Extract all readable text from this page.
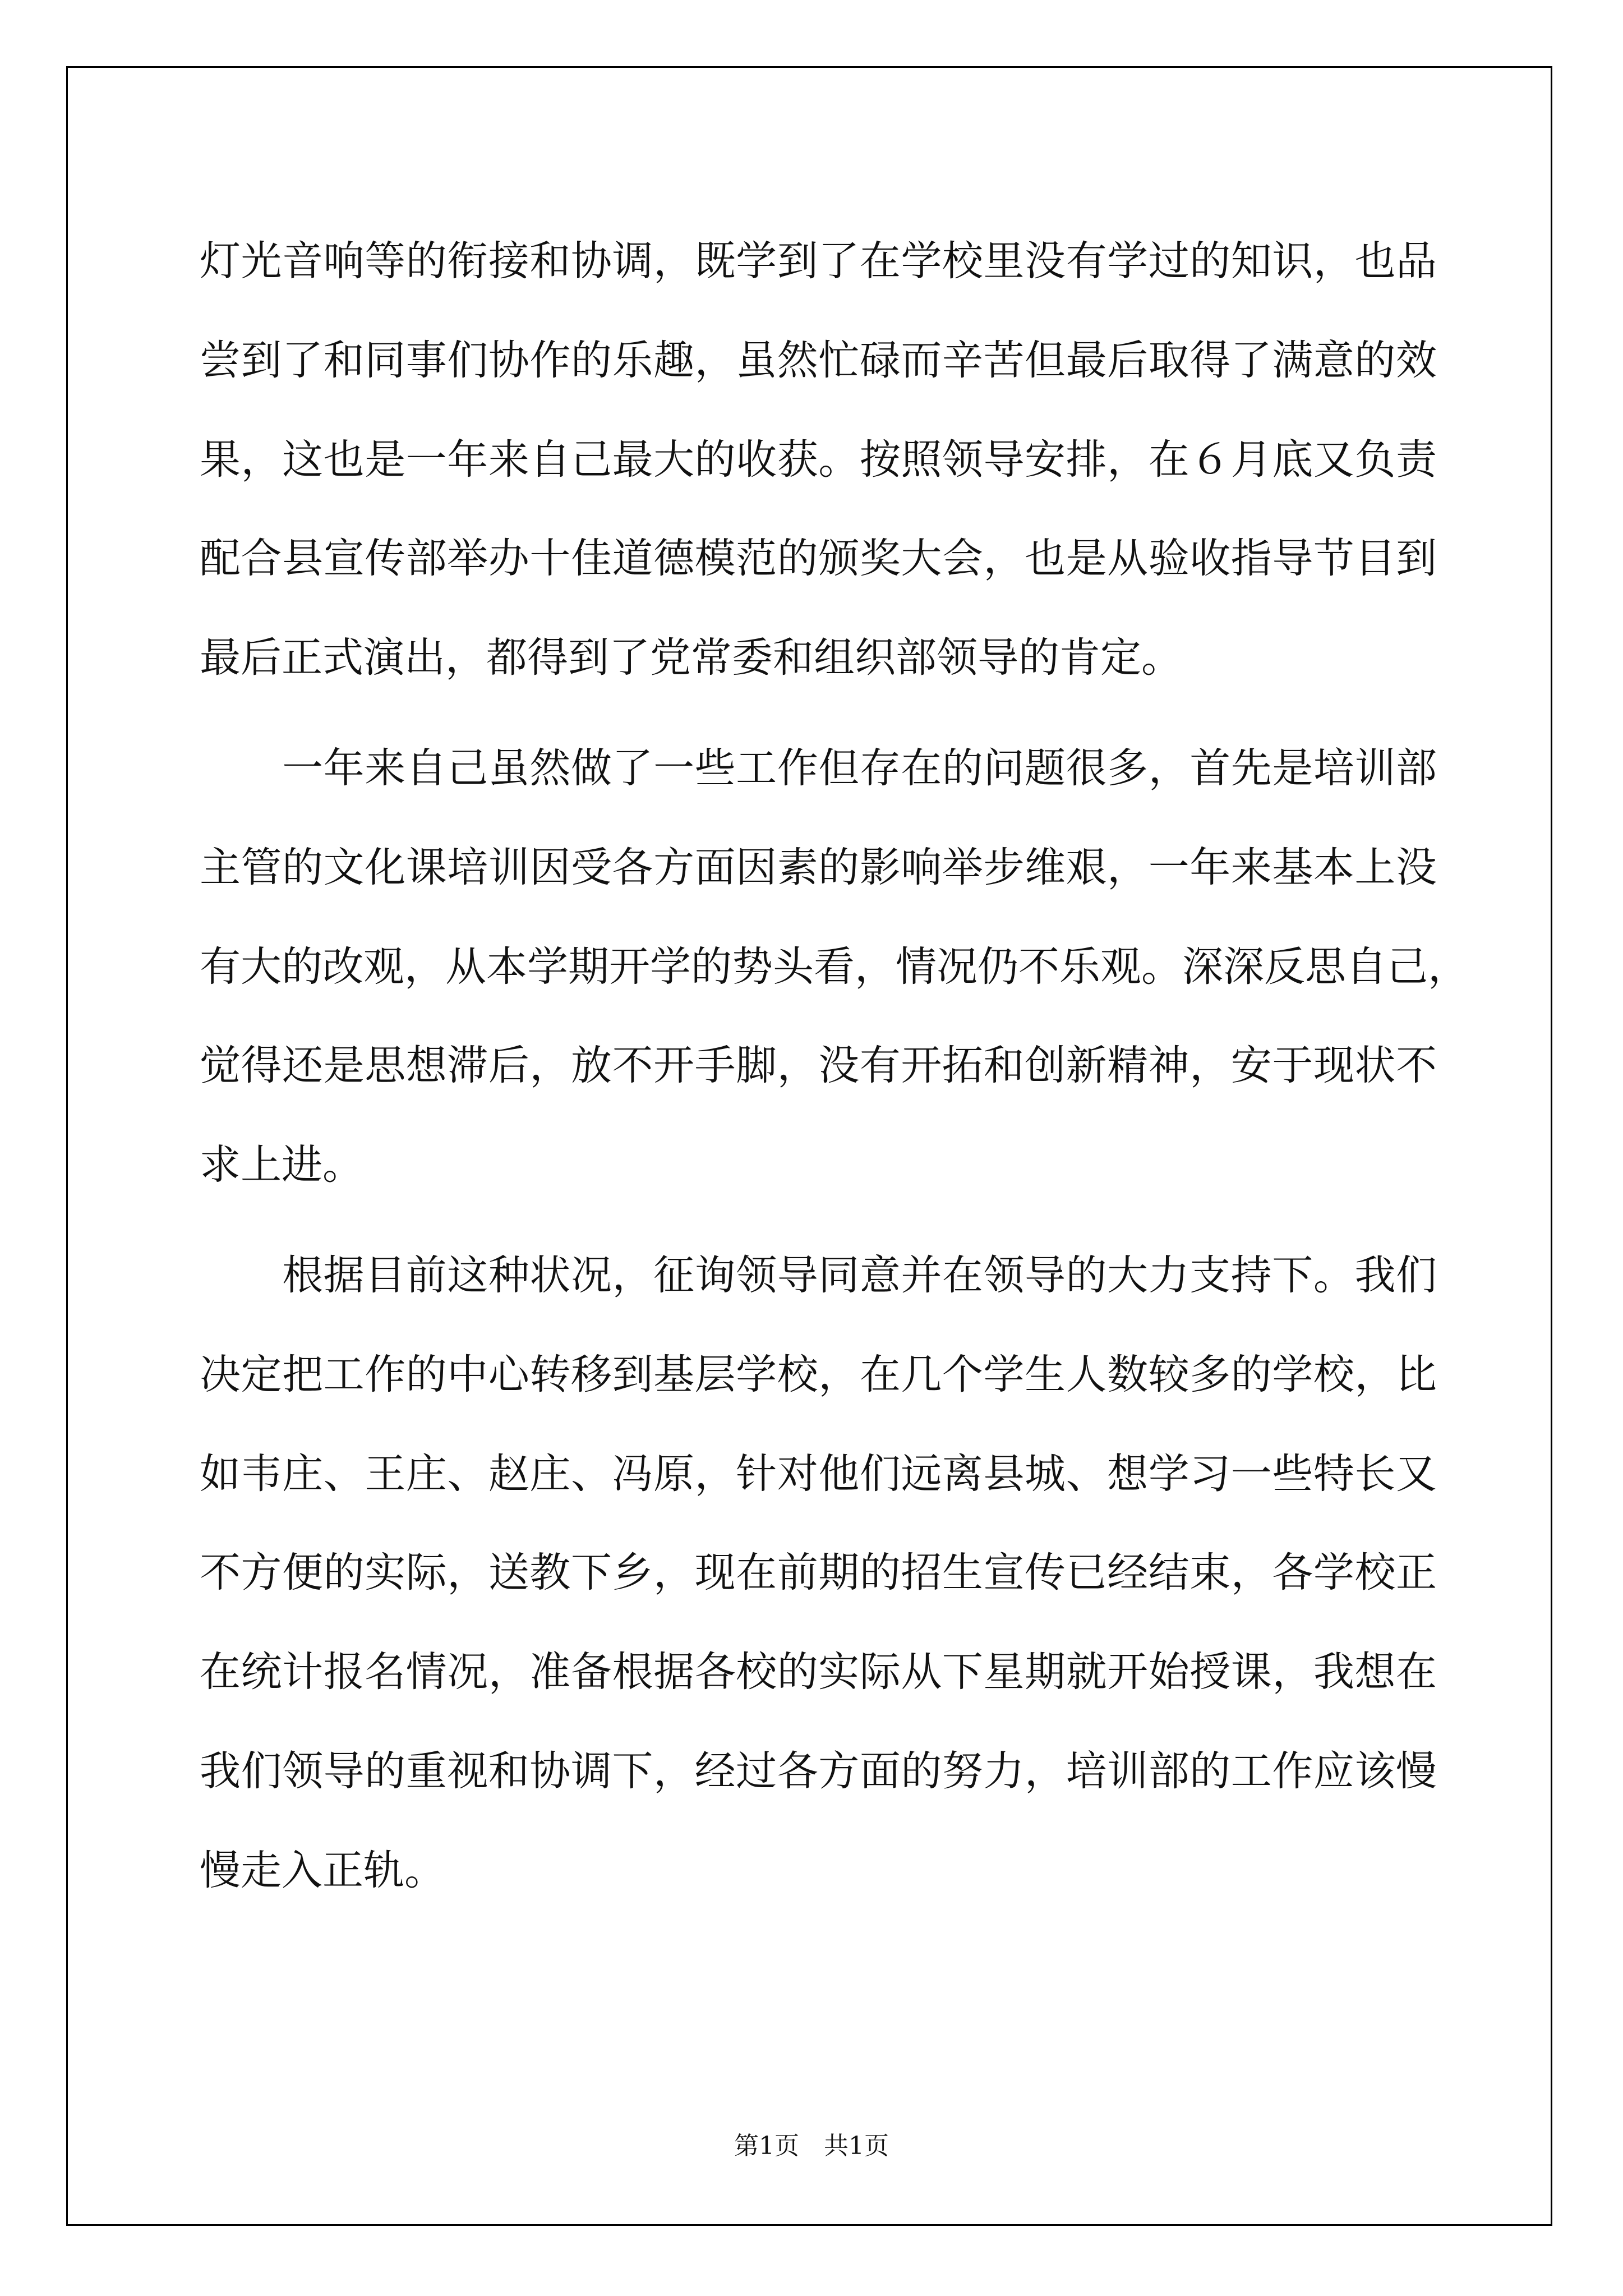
灯光音响等的衔接和协调，既学到了在学校里没有学过的知识，也品
尝到了和同事们协作的乐趣，虽然忙碌而辛苦但最后取得了满意的效
果，这也是一年来自己最大的收获。按照领导安排，在６月底又负责
配合县宣传部举办十佳道德模范的颁奖大会，也是从验收指导节目到
最后正式演出，都得到了党常委和组织部领导的肯定。
　　一年来自己虽然做了一些工作但存在的问题很多，首先是培训部
主管的文化课培训因受各方面因素的影响举步维艰，一年来基本上没
有大的改观，从本学期开学的势头看，情况仍不乐观。深深反思自己，
觉得还是思想滞后，放不开手脚，没有开拓和创新精神，安于现状不
求上进。
　　根据目前这种状况，征询领导同意并在领导的大力支持下。我们
决定把工作的中心转移到基层学校，在几个学生人数较多的学校，比
如韦庄、王庄、赵庄、冯原，针对他们远离县城、想学习一些特长又
不方便的实际，送教下乡，现在前期的招生宣传已经结束，各学校正
在统计报名情况，准备根据各校的实际从下星期就开始授课，我想在
我们领导的重视和协调下，经过各方面的努力，培训部的工作应该慢
慢走入正轨。
第1页　共1页
